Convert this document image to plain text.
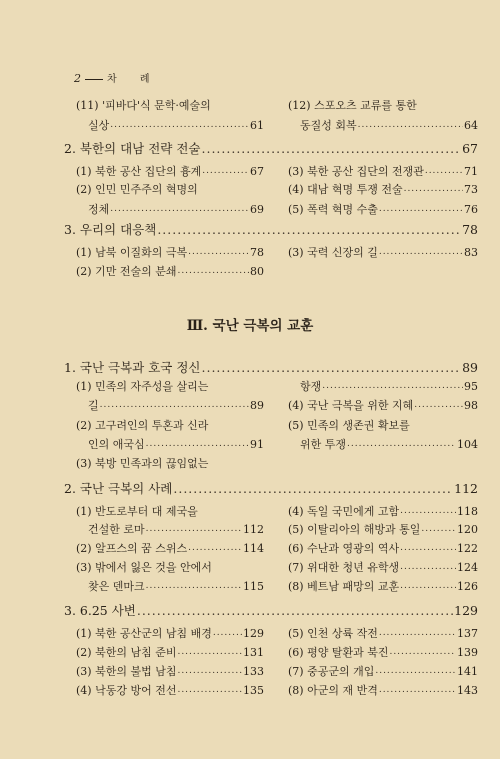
2	차 례
(11) '피바다'식 문학·예술의
실상 .....	61
(12) 스포오츠 교류를 통한
동질성 회복 .....	64
2. 북한의 대남 전략 전술 .....	67
(1) 북한 공산 집단의 흉계 .....	67
(2) 인민 민주주의 혁명의
정체 .....	69
(3) 북한 공산 집단의 전쟁관 .....	71
(4) 대남 혁명 투쟁 전술 .....	73
(5) 폭력 혁명 수출 .....	76
3. 우리의 대응책 .....	78
(1) 남북 이질화의 극복 .....	78
(2) 기만 전술의 분쇄 .....	80
(3) 국력 신장의 길 .....	83
Ⅲ. 국난 극복의 교훈
1. 국난 극복과 호국 정신 .....	89
(1) 민족의 자주성을 살리는
길 .....	89
(2) 고구려인의 투혼과 신라
인의 애국심 .....	91
(3) 북방 민족과의 끊임없는
항쟁 .....	95
(4) 국난 극복을 위한 지혜 .....	98
(5) 민족의 생존권 확보를
위한 투쟁 .....	104
2. 국난 극복의 사례 .....	112
(1) 반도로부터 대 제국을
건설한 로마 .....	112
(2) 알프스의 꿈 스위스 .....	114
(3) 밖에서 잃은 것을 안에서
찾은 덴마크 .....	115
(4) 독일 국민에게 고함 .....	118
(5) 이탈리아의 해방과 통일 .....	120
(6) 수난과 영광의 역사 .....	122
(7) 위대한 청년 유학생 .....	124
(8) 베트남 패망의 교훈 .....	126
3. 6.25 사변 .....	129
(1) 북한 공산군의 남침 배경 .....	129
(2) 북한의 남침 준비 .....	131
(3) 북한의 불법 남침 .....	133
(4) 낙동강 방어 전선 .....	135
(5) 인천 상륙 작전 .....	137
(6) 평양 탈환과 북진 .....	139
(7) 중공군의 개입 .....	141
(8) 아군의 재 반격 .....	143
